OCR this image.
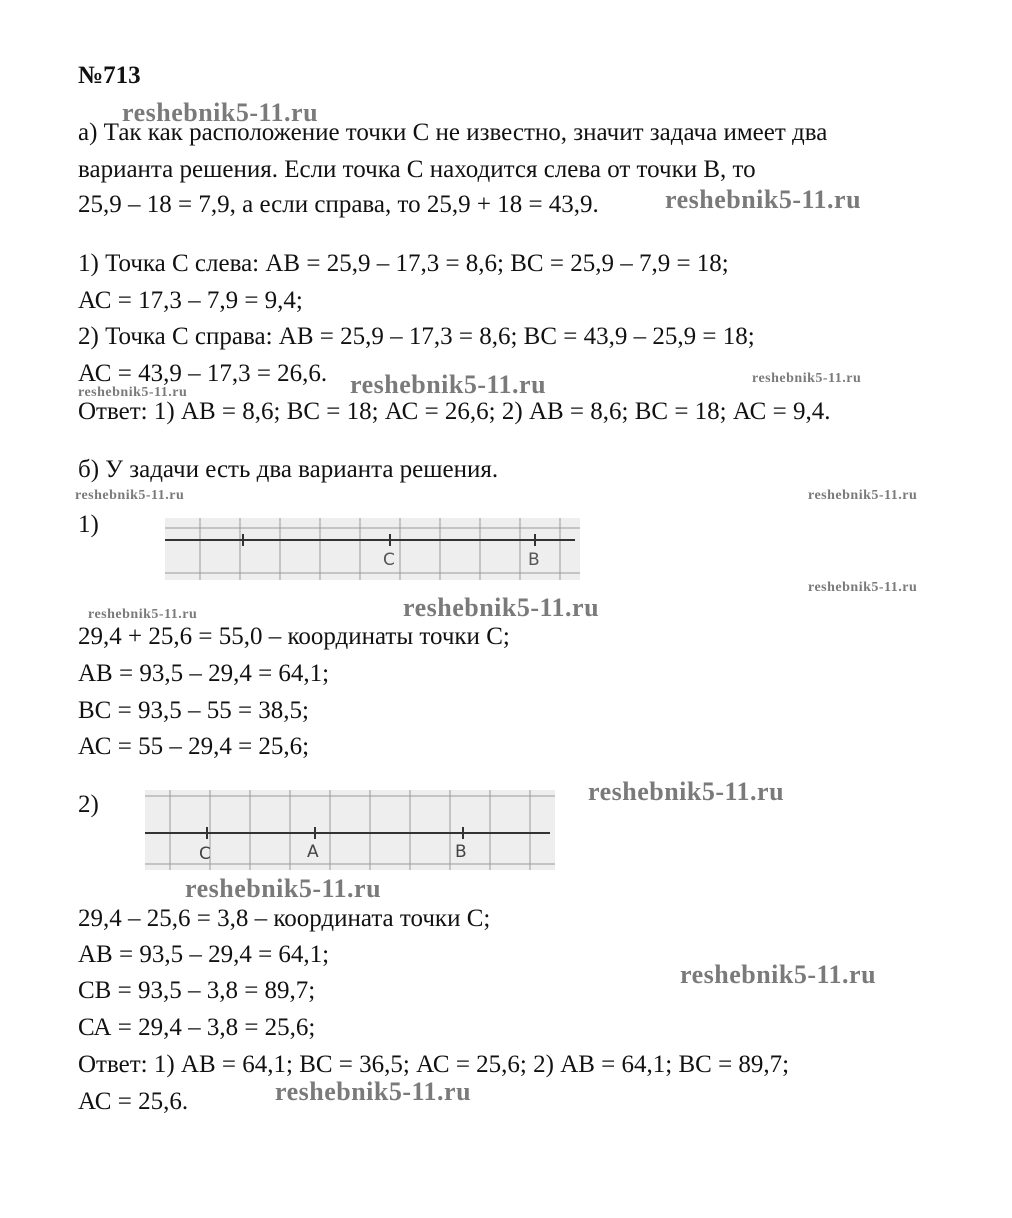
№713
а) Так как расположение точки С не известно, значит задача имеет два
варианта решения. Если точка С находится слева от точки В, то
25,9 – 18 = 7,9, а если справа, то 25,9 + 18 = 43,9.
1) Точка С слева: АВ = 25,9 – 17,3 = 8,6; ВС = 25,9 – 7,9 = 18;
АС = 17,3 – 7,9 = 9,4;
2) Точка С справа: АВ = 25,9 – 17,3 = 8,6; ВС = 43,9 – 25,9 = 18;
АС = 43,9 – 17,3 = 26,6.
Ответ: 1) АВ = 8,6; ВС = 18; АС = 26,6; 2) АВ = 8,6; ВС = 18; АС = 9,4.
б) У задачи есть два варианта решения.
1)
C	B
29,4 + 25,6 = 55,0 – координаты точки С;
АВ = 93,5 – 29,4 = 64,1;
ВС = 93,5 – 55 = 38,5;
АС = 55 – 29,4 = 25,6;
2)
C	A	B
29,4 – 25,6 = 3,8 – координата точки С;
АВ = 93,5 – 29,4 = 64,1;
СВ = 93,5 – 3,8 = 89,7;
СА = 29,4 – 3,8 = 25,6;
Ответ: 1) АВ = 64,1; ВС = 36,5; АС = 25,6; 2) АВ = 64,1; ВС = 89,7;
АС = 25,6.
reshebnik5-11.ru
reshebnik5-11.ru
reshebnik5-11.ru	reshebnik5-11.ru
reshebnik5-11.ru
reshebnik5-11.ru	reshebnik5-11.ru
reshebnik5-11.ru
reshebnik5-11.ru	reshebnik5-11.ru
reshebnik5-11.ru
reshebnik5-11.ru
reshebnik5-11.ru
reshebnik5-11.ru
